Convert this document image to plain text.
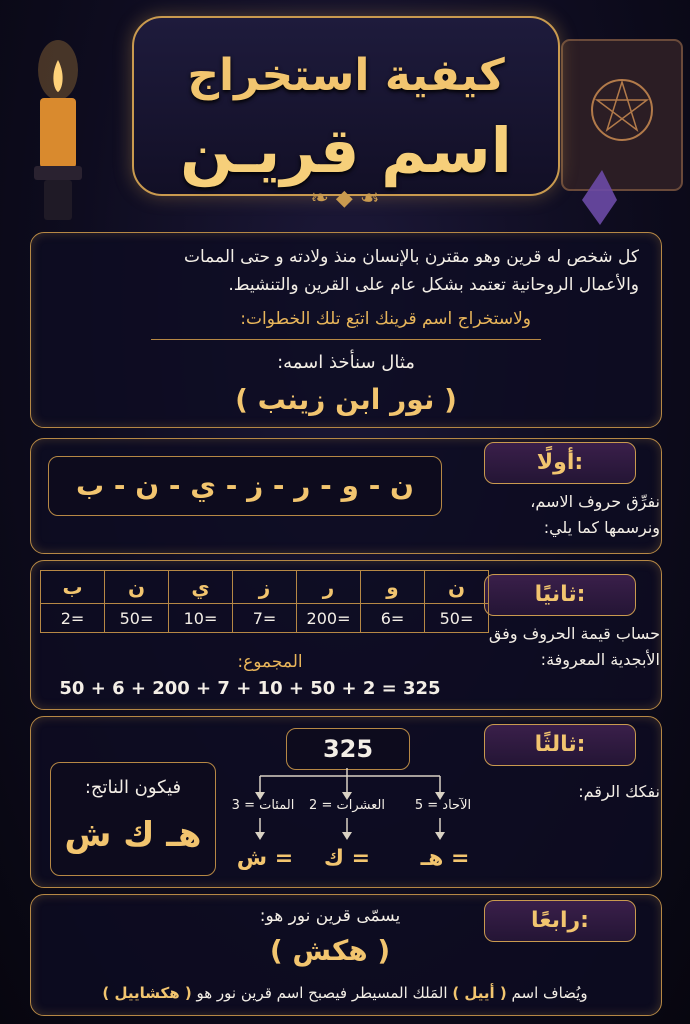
كيفية استخراج
اسم قريـن
❧ ◆ ☙
كل شخص له قرين وهو مقترن بالإنسان منذ ولادته و حتى الممات
والأعمال الروحانية تعتمد بشكل عام على القرين والتنشيط.
ولاستخراج اسم قرينك اتبَع تلك الخطوات:
مثال سنأخذ اسمه:
( نور ابن زينب )
أولًا:
ن - و - ر - ز - ي - ن - ب	نفرِّق حروف الاسم،
ونرسمها كما يلي:
ثانيًا:
ن	و	ر	ز	ي	ن	ب
=50	=6	=200	=7	=10	=50	=2
حساب قيمة الحروف وفق
الأبجدية المعروفة:
المجموع:
50 + 6 + 200 + 7 + 10 + 50 + 2 = 325
ثالثًا:
نفكك الرقم:
325
الآحاد = 5
العشرات = 2
المئات = 3
= هـ
= ك
= ش
فيكون الناتج:
هـ ك ش
رابعًا:
يسمّى قرين نور هو:
( هكش )
ويُضاف اسم ( أييل ) المَلك المسيطر فيصبح اسم قرين نور هو ( هكشاييل )
